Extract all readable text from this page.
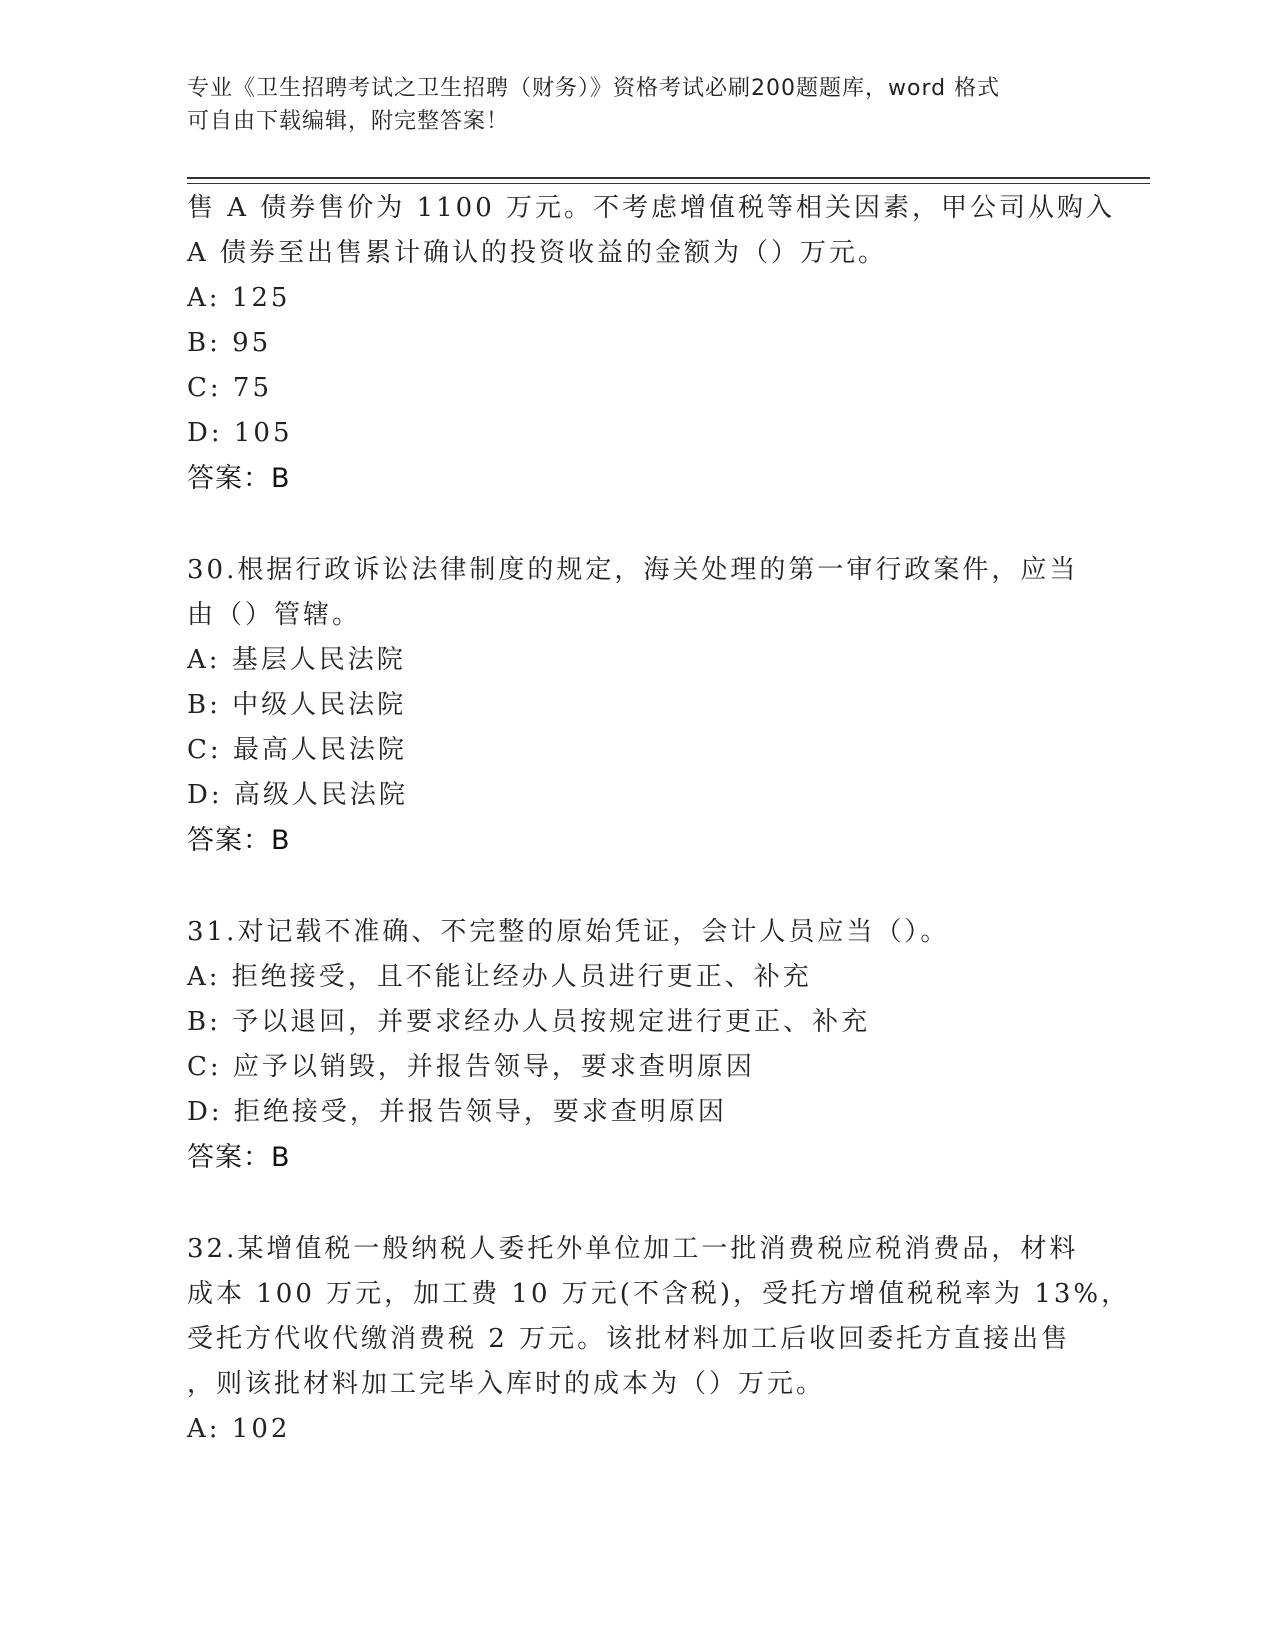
专业《卫生招聘考试之卫生招聘（财务）》资格考试必刷200题题库，word 格式
可自由下载编辑，附完整答案！
售 A 债券售价为 1100 万元。不考虑增值税等相关因素，甲公司从购入
A 债券至出售累计确认的投资收益的金额为（）万元。
A: 125
B: 95
C: 75
D: 105
答案：B
30.根据行政诉讼法律制度的规定，海关处理的第一审行政案件，应当
由（）管辖。
A: 基层人民法院
B: 中级人民法院
C: 最高人民法院
D: 高级人民法院
答案：B
31.对记载不准确、不完整的原始凭证，会计人员应当（）。
A: 拒绝接受，且不能让经办人员进行更正、补充
B: 予以退回，并要求经办人员按规定进行更正、补充
C: 应予以销毁，并报告领导，要求查明原因
D: 拒绝接受，并报告领导，要求查明原因
答案：B
32.某增值税一般纳税人委托外单位加工一批消费税应税消费品，材料
成本 100 万元，加工费 10 万元(不含税)，受托方增值税税率为 13%，
受托方代收代缴消费税 2 万元。该批材料加工后收回委托方直接出售
，则该批材料加工完毕入库时的成本为（）万元。
A: 102
